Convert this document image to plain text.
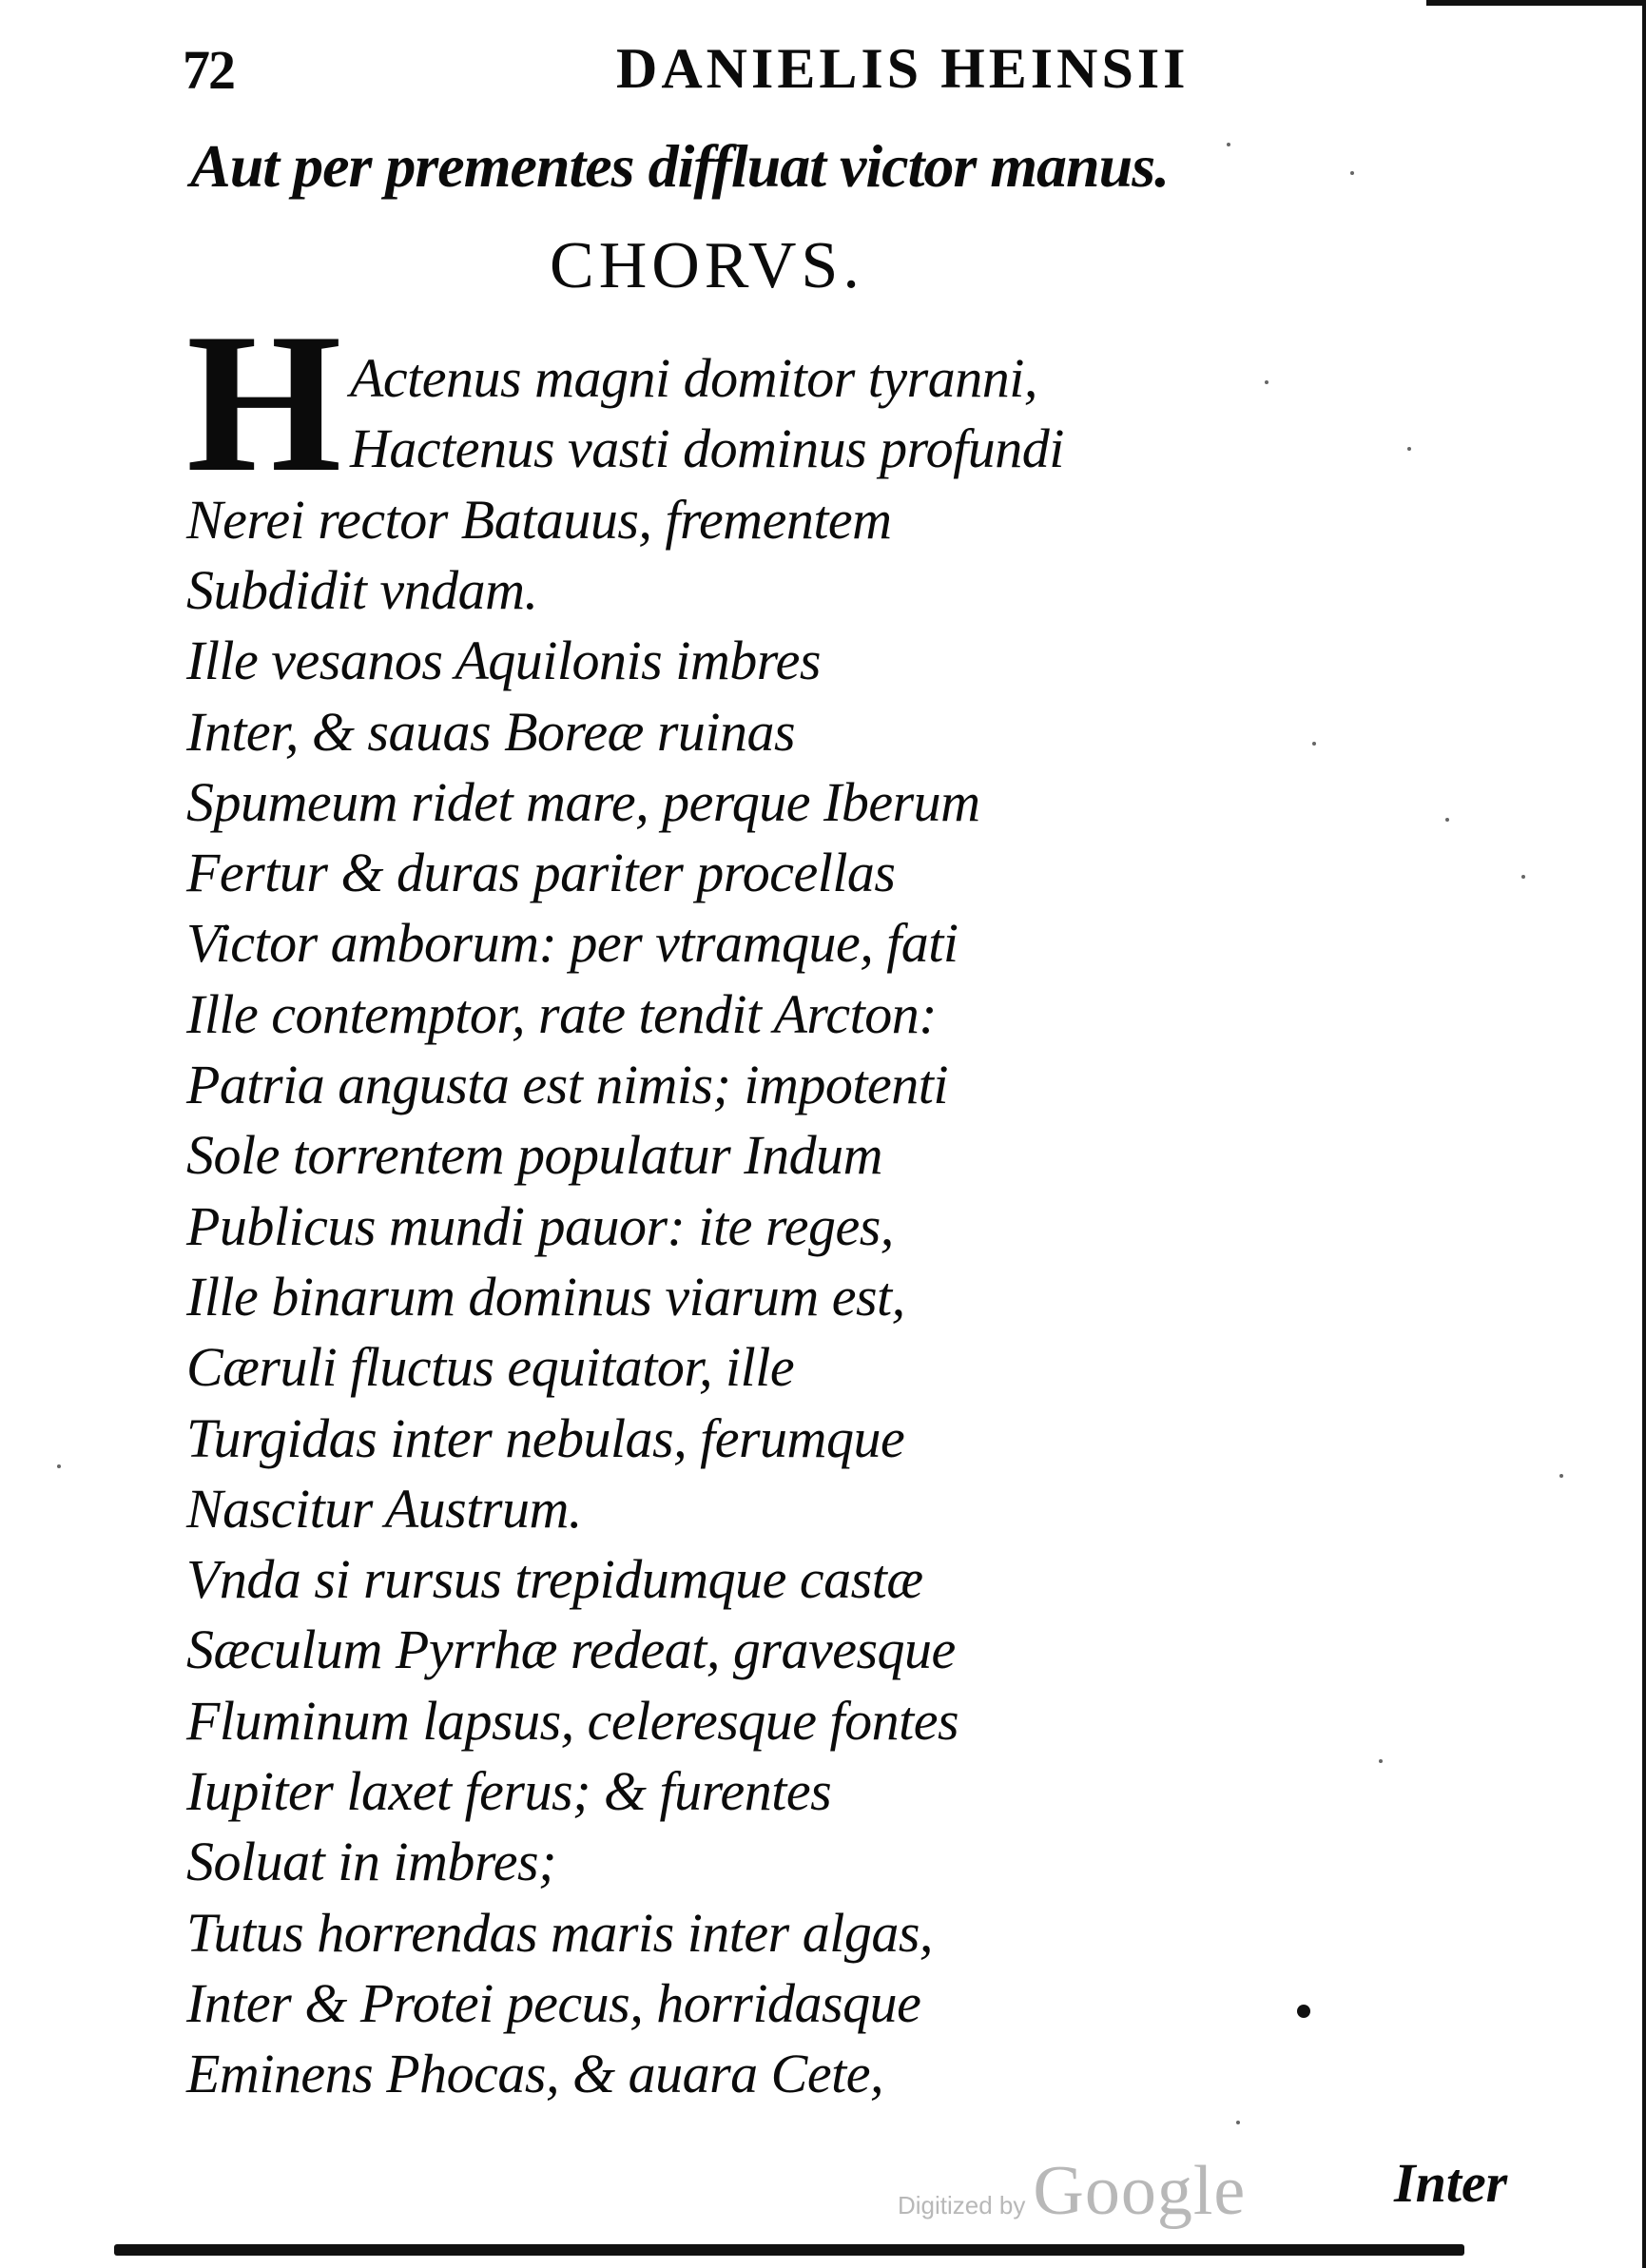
72	DANIELIS HEINSII
Aut per prementes diffluat victor manus.
CHORVS.
H Actenus magni domitor tyranni,
Hactenus vasti dominus profundi
Nerei rector Batauus, frementem
Subdidit vndam.
Ille vesanos Aquilonis imbres
Inter, & sauas Boreæ ruinas
Spumeum ridet mare, perque Iberum
Fertur & duras pariter procellas
Victor amborum: per vtramque, fati
Ille contemptor, rate tendit Arcton:
Patria angusta est nimis; impotenti
Sole torrentem populatur Indum
Publicus mundi pauor: ite reges,
Ille binarum dominus viarum est,
Cæruli fluctus equitator, ille
Turgidas inter nebulas, ferumque
Nascitur Austrum.
Vnda si rursus trepidumque castæ
Sæculum Pyrrhæ redeat, gravesque
Fluminum lapsus, celeresque fontes
Iupiter laxet ferus; & furentes
Soluat in imbres;
Tutus horrendas maris inter algas,
Inter & Protei pecus, horridasque
Eminens Phocas, & auara Cete,
Inter
Digitized by Google
